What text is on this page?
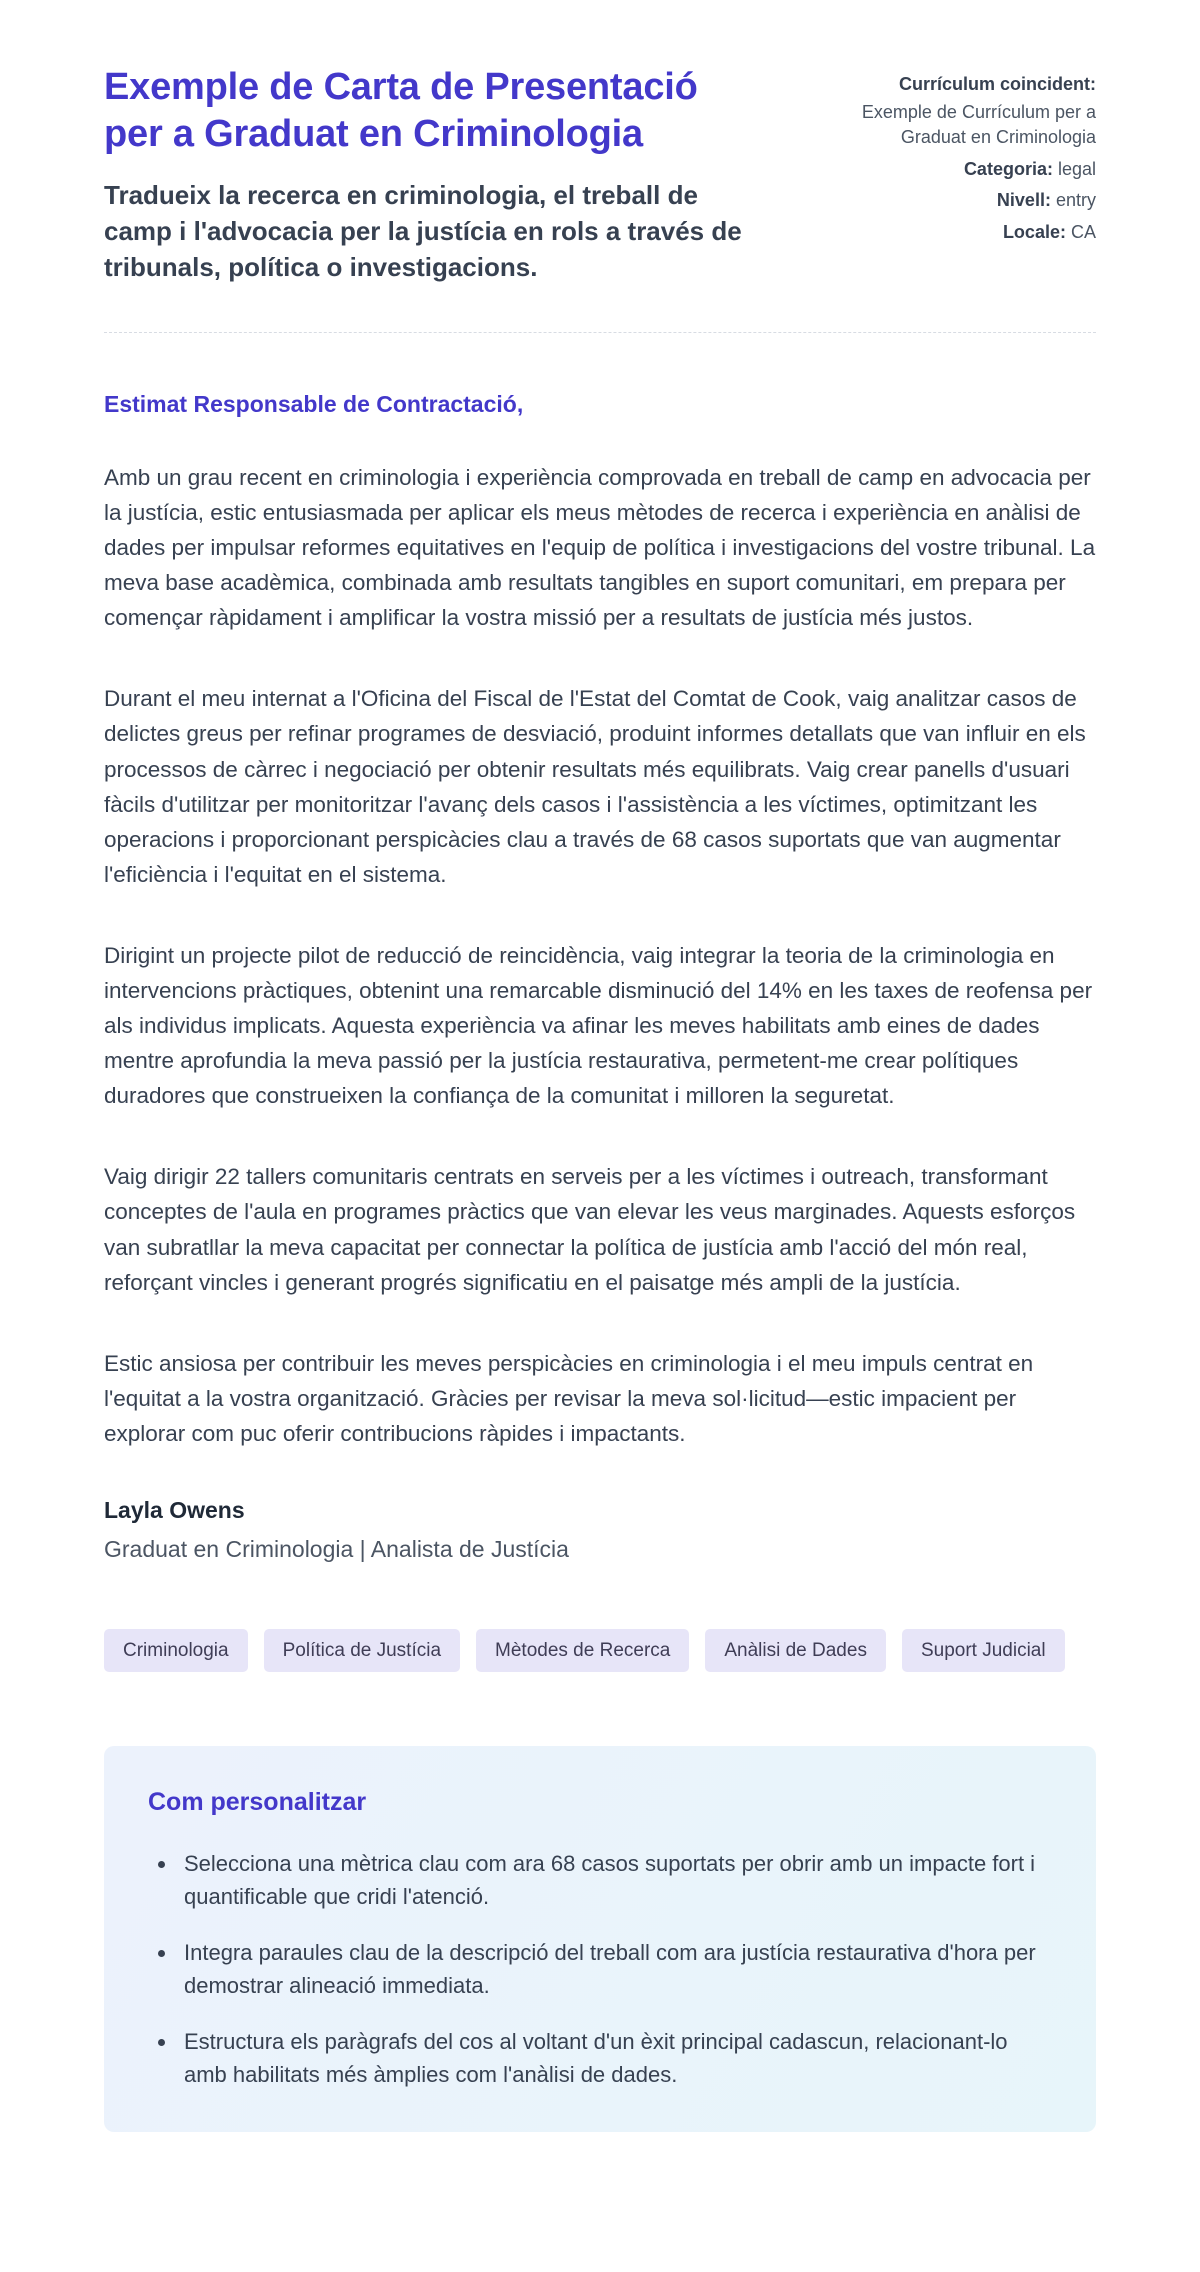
Exemple de Carta de Presentació per a Graduat en Criminologia

Tradueix la recerca en criminologia, el treball de camp i l'advocacia per la justícia en rols a través de tribunals, política o investigacions.

Currículum coincident:
Exemple de Currículum per a Graduat en Criminologia
Categoria: legal
Nivell: entry
Locale: CA

Estimat Responsable de Contractació,

Amb un grau recent en criminologia i experiència comprovada en treball de camp en advocacia per la justícia, estic entusiasmada per aplicar els meus mètodes de recerca i experiència en anàlisi de dades per impulsar reformes equitatives en l'equip de política i investigacions del vostre tribunal. La meva base acadèmica, combinada amb resultats tangibles en suport comunitari, em prepara per començar ràpidament i amplificar la vostra missió per a resultats de justícia més justos.

Durant el meu internat a l'Oficina del Fiscal de l'Estat del Comtat de Cook, vaig analitzar casos de delictes greus per refinar programes de desviació, produint informes detallats que van influir en els processos de càrrec i negociació per obtenir resultats més equilibrats. Vaig crear panells d'usuari fàcils d'utilitzar per monitoritzar l'avanç dels casos i l'assistència a les víctimes, optimitzant les operacions i proporcionant perspicàcies clau a través de 68 casos suportats que van augmentar l'eficiència i l'equitat en el sistema.

Dirigint un projecte pilot de reducció de reincidència, vaig integrar la teoria de la criminologia en intervencions pràctiques, obtenint una remarcable disminució del 14% en les taxes de reofensa per als individus implicats. Aquesta experiència va afinar les meves habilitats amb eines de dades mentre aprofundia la meva passió per la justícia restaurativa, permetent-me crear polítiques duradores que construeixen la confiança de la comunitat i milloren la seguretat.

Vaig dirigir 22 tallers comunitaris centrats en serveis per a les víctimes i outreach, transformant conceptes de l'aula en programes pràctics que van elevar les veus marginades. Aquests esforços van subratllar la meva capacitat per connectar la política de justícia amb l'acció del món real, reforçant vincles i generant progrés significatiu en el paisatge més ampli de la justícia.

Estic ansiosa per contribuir les meves perspicàcies en criminologia i el meu impuls centrat en l'equitat a la vostra organització. Gràcies per revisar la meva sol·licitud—estic impacient per explorar com puc oferir contribucions ràpides i impactants.

Layla Owens
Graduat en Criminologia | Analista de Justícia
Criminologia	Política de Justícia	Mètodes de Recerca	Anàlisi de Dades	Suport Judicial
Com personalitzar
• Selecciona una mètrica clau com ara 68 casos suportats per obrir amb un impacte fort i quantificable que cridi l'atenció.
• Integra paraules clau de la descripció del treball com ara justícia restaurativa d'hora per demostrar alineació immediata.
• Estructura els paràgrafs del cos al voltant d'un èxit principal cadascun, relacionant-lo amb habilitats més àmplies com l'anàlisi de dades.
